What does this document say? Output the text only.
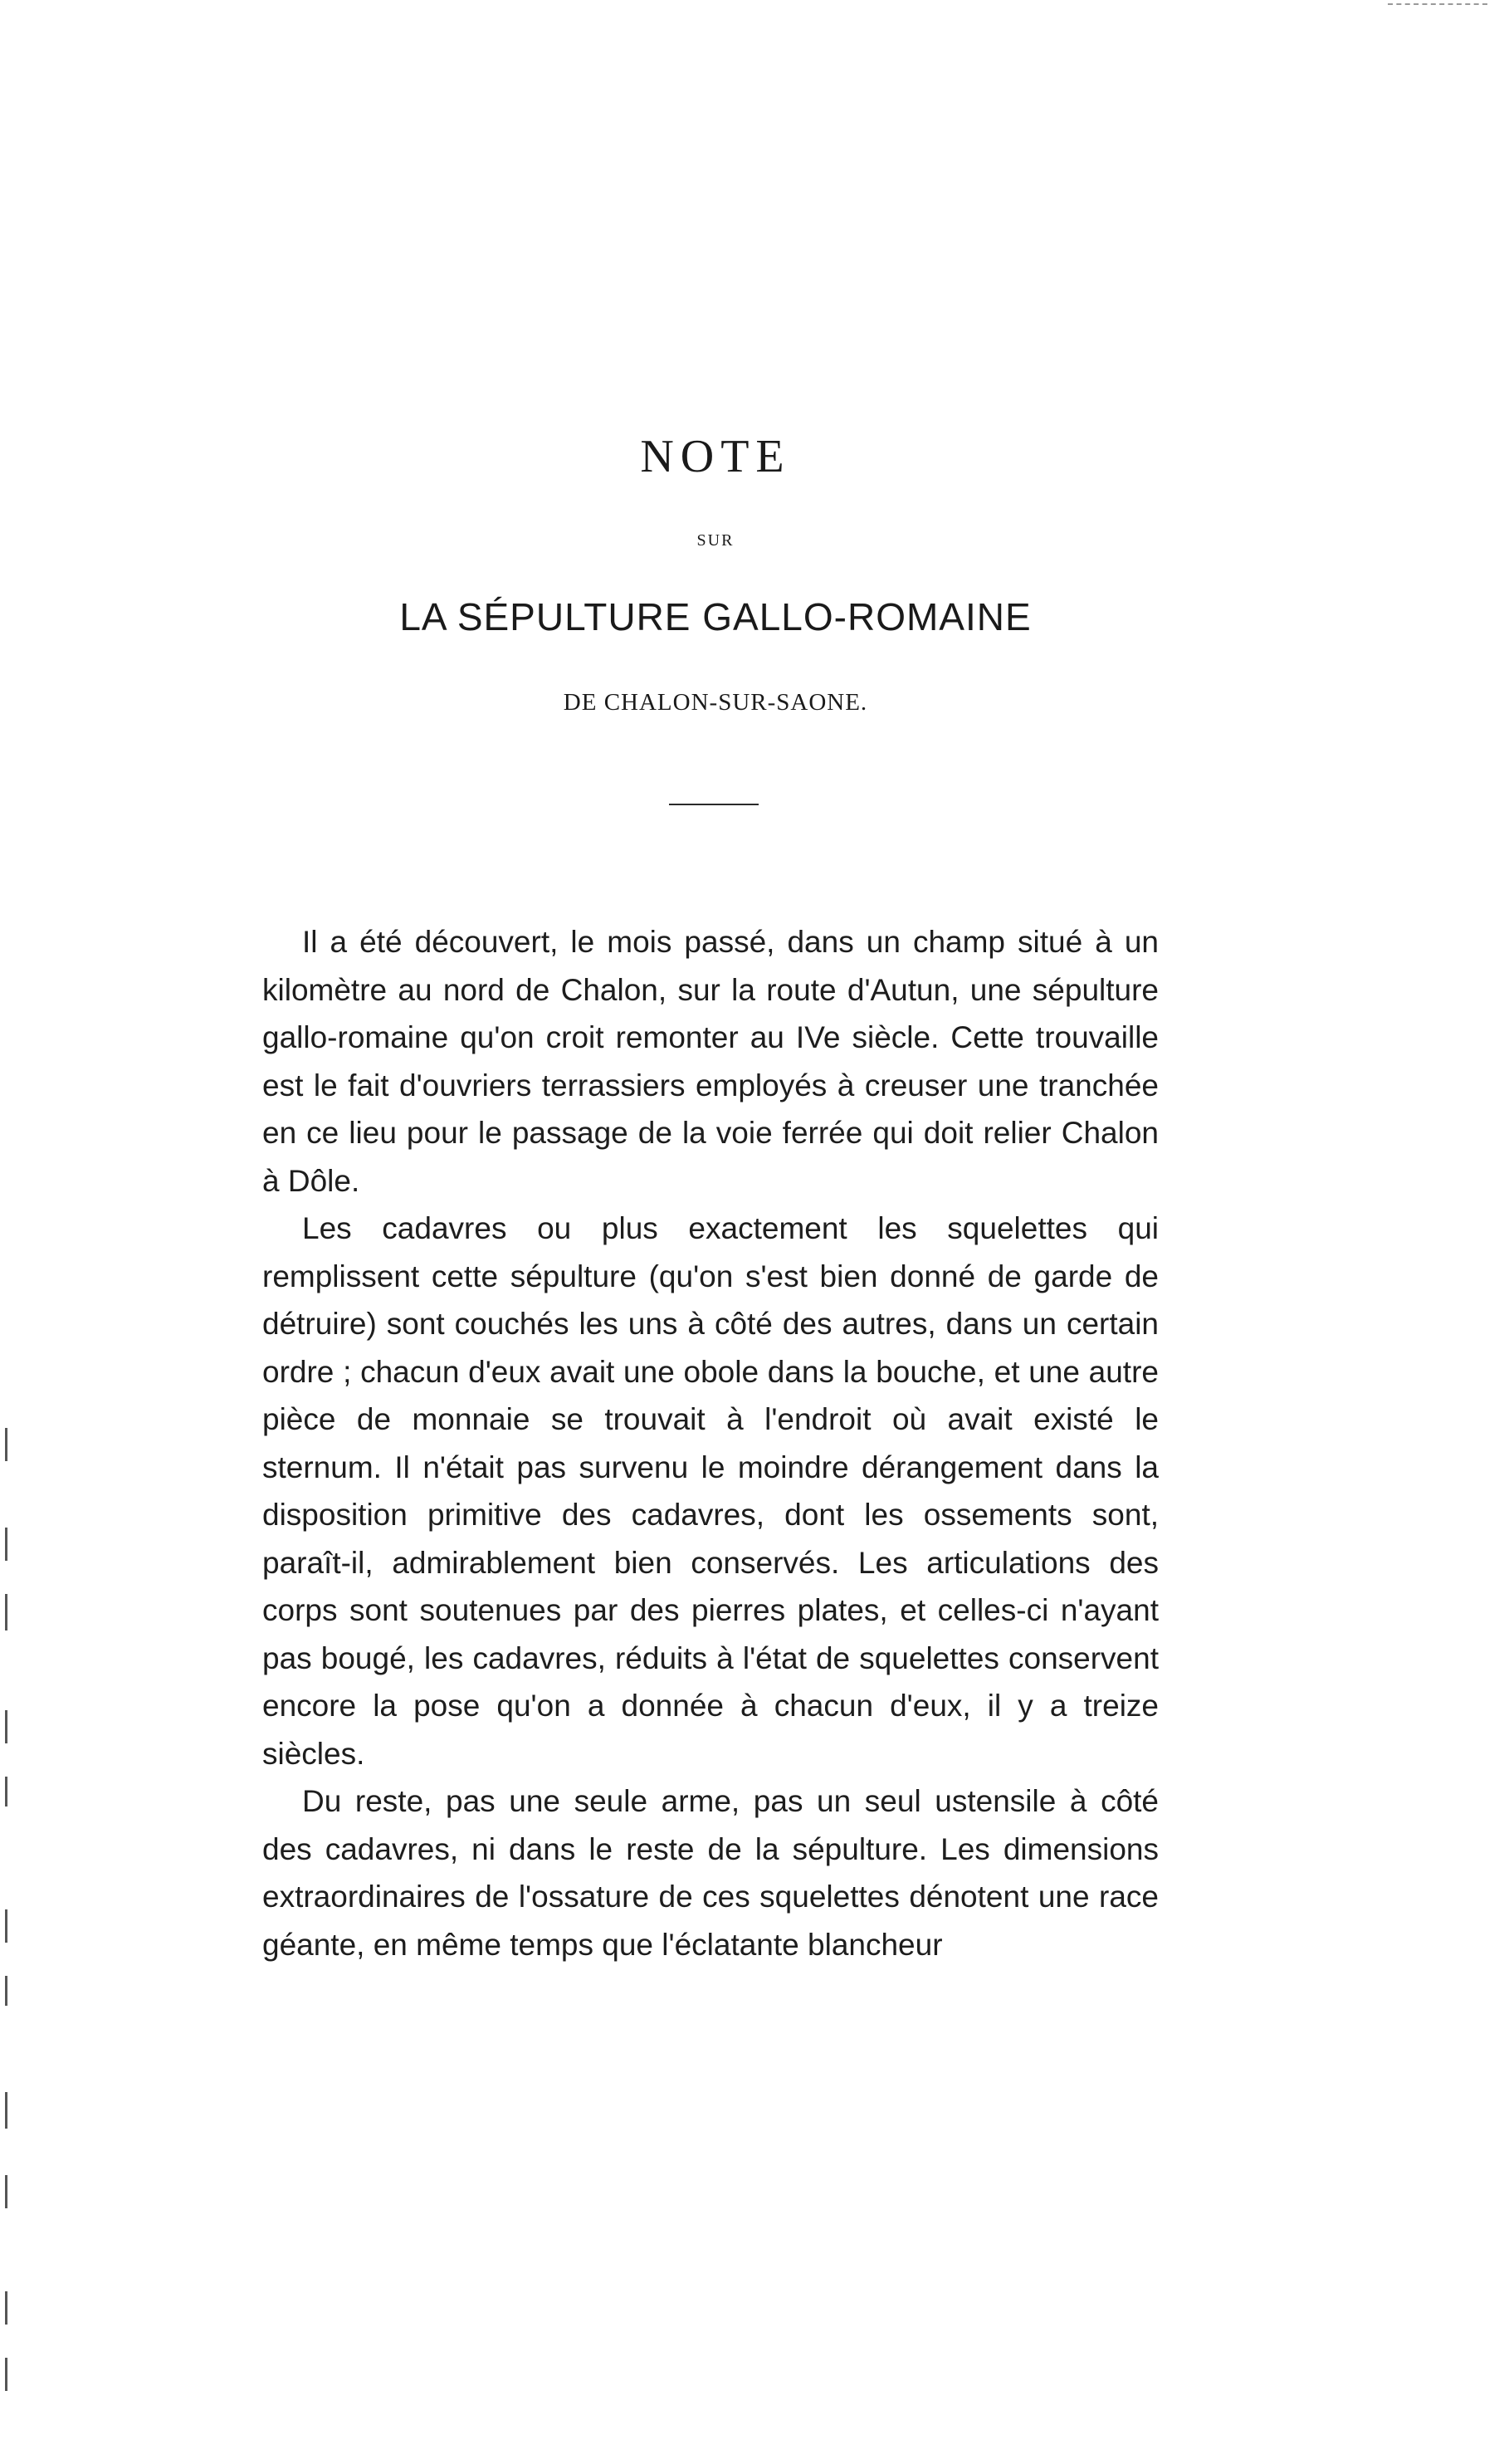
NOTE
SUR
LA SÉPULTURE GALLO-ROMAINE
DE CHALON-SUR-SAONE.

Il a été découvert, le mois passé, dans un champ situé à un kilomètre au nord de Chalon, sur la route d'Autun, une sépulture gallo-romaine qu'on croit remonter au IVe siècle. Cette trouvaille est le fait d'ouvriers terrassiers employés à creuser une tranchée en ce lieu pour le passage de la voie ferrée qui doit relier Chalon à Dôle.

Les cadavres ou plus exactement les squelettes qui remplissent cette sépulture (qu'on s'est bien donné de garde de détruire) sont couchés les uns à côté des autres, dans un certain ordre ; chacun d'eux avait une obole dans la bouche, et une autre pièce de monnaie se trouvait à l'endroit où avait existé le sternum. Il n'était pas survenu le moindre dérangement dans la disposition primitive des cadavres, dont les ossements sont, paraît-il, admirablement bien conservés. Les articulations des corps sont soutenues par des pierres plates, et celles-ci n'ayant pas bougé, les cadavres, réduits à l'état de squelettes conservent encore la pose qu'on a donnée à chacun d'eux, il y a treize siècles.

Du reste, pas une seule arme, pas un seul ustensile à côté des cadavres, ni dans le reste de la sépulture. Les dimensions extraordinaires de l'ossature de ces squelettes dénotent une race géante, en même temps que l'éclatante blancheur
